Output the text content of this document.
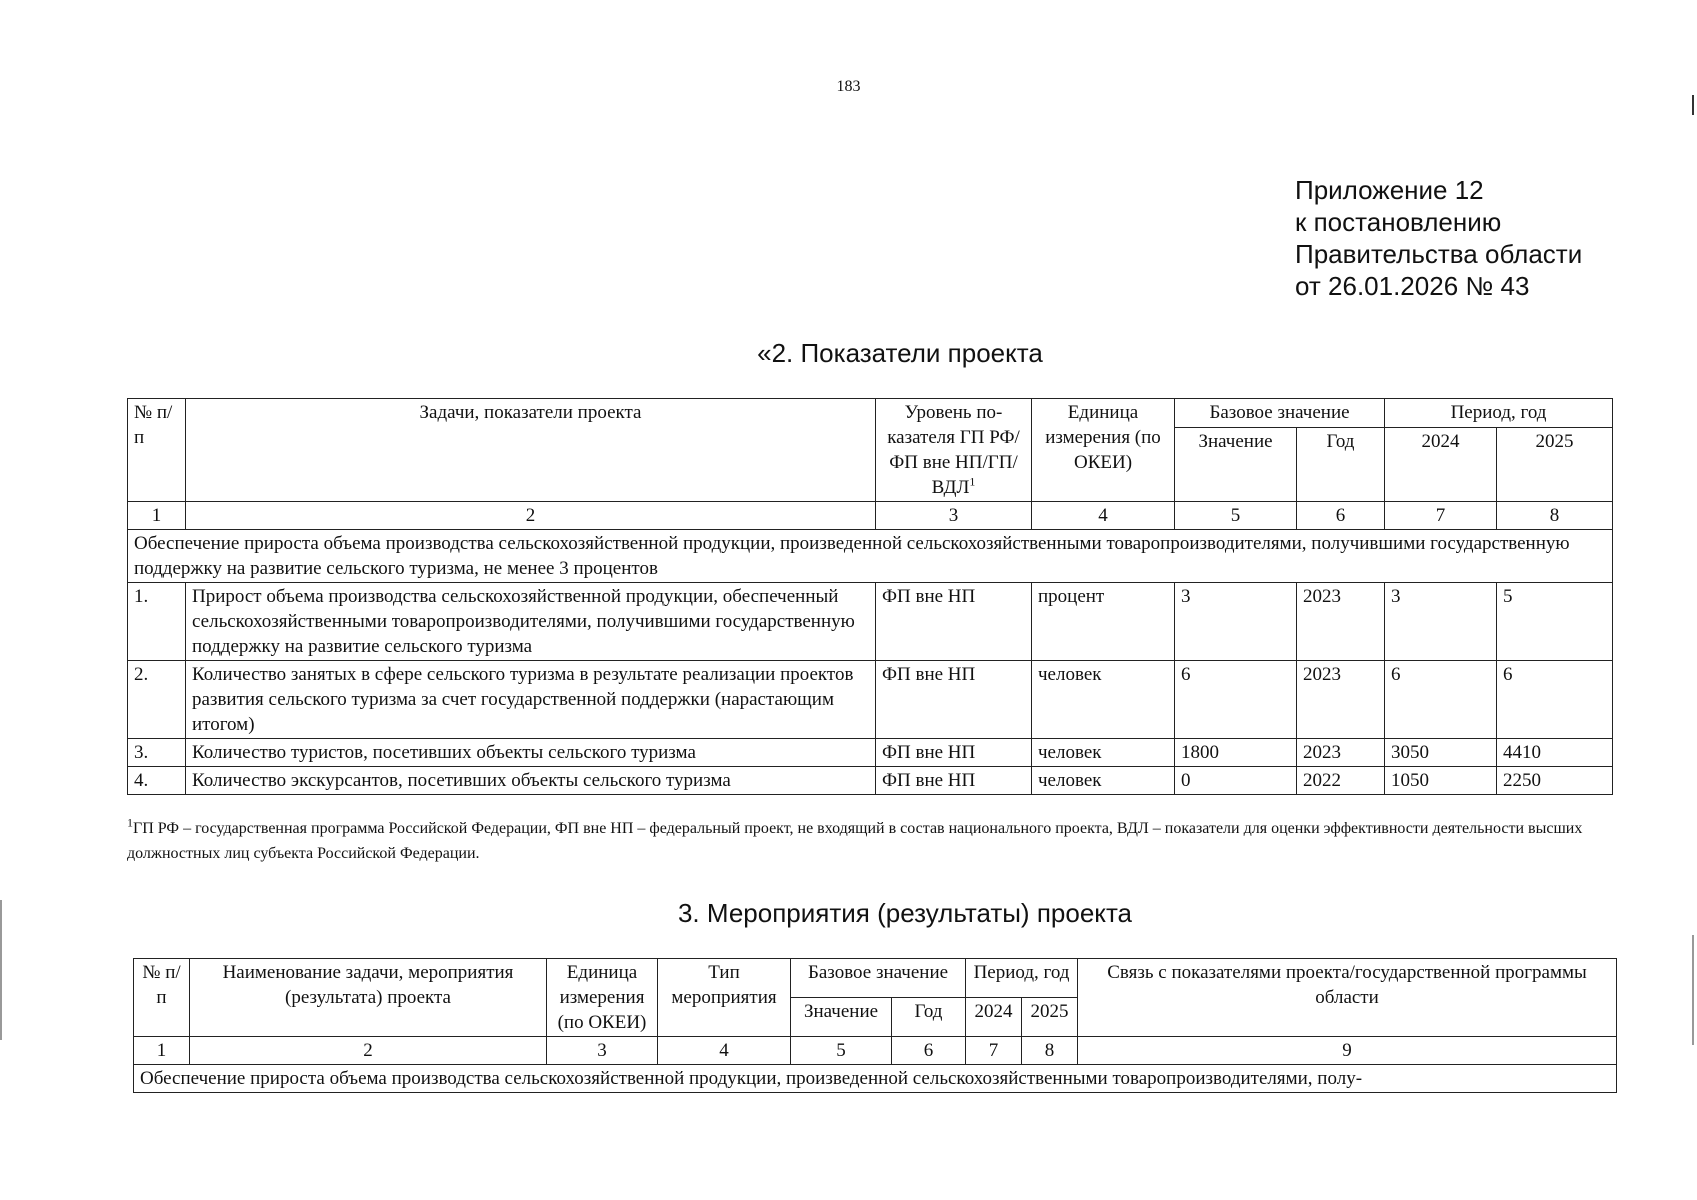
183
Приложение 12
к постановлению
Правительства области
от 26.01.2026 № 43
«2. Показатели проекта
№ п/п	Задачи, показатели проекта	Уровень по-казателя ГП РФ/ФП вне НП/ГП/ВДЛ$^1$	Единица измерения (по ОКЕИ)	Базовое значение		Период, год	
				Значение	Год	2024	2025
1	2	3	4	5	6	7	8
Обеспечение прироста объема производства сельскохозяйственной продукции, произведенной сельскохозяйственными товаропроизводителями, получившими государственную поддержку на развитие сельского туризма, не менее 3 процентов							
1.	Прирост объема производства сельскохозяйственной продукции, обеспеченный сельскохозяйственными товаропроизводителями, получившими государственную поддержку на развитие сельского туризма	ФП вне НП	процент	3	2023	3	5
2.	Количество занятых в сфере сельского туризма в результате реализации проектов развития сельского туризма за счет государственной поддержки (нарастающим итогом)	ФП вне НП	человек	6	2023	6	6
3.	Количество туристов, посетивших объекты сельского туризма	ФП вне НП	человек	1800	2023	3050	4410
4.	Количество экскурсантов, посетивших объекты сельского туризма	ФП вне НП	человек	0	2022	1050	2250
$^1$ГП РФ – государственная программа Российской Федерации, ФП вне НП – федеральный проект, не входящий в состав национального проекта, ВДЛ – показатели для оценки эффективности деятельности высших должностных лиц субъекта Российской Федерации.
3. Мероприятия (результаты) проекта
№ п/п	Наименование задачи, мероприятия (результата) проекта	Единица измерения (по ОКЕИ)	Тип мероприятия	Базовое значение		Период, год		Связь с показателями проекта/государственной программы области
				Значение	Год	2024	2025	
1	2	3	4	5	6	7	8	9
Обеспечение прироста объема производства сельскохозяйственной продукции, произведенной сельскохозяйственными товаропроизводителями, полу-								
